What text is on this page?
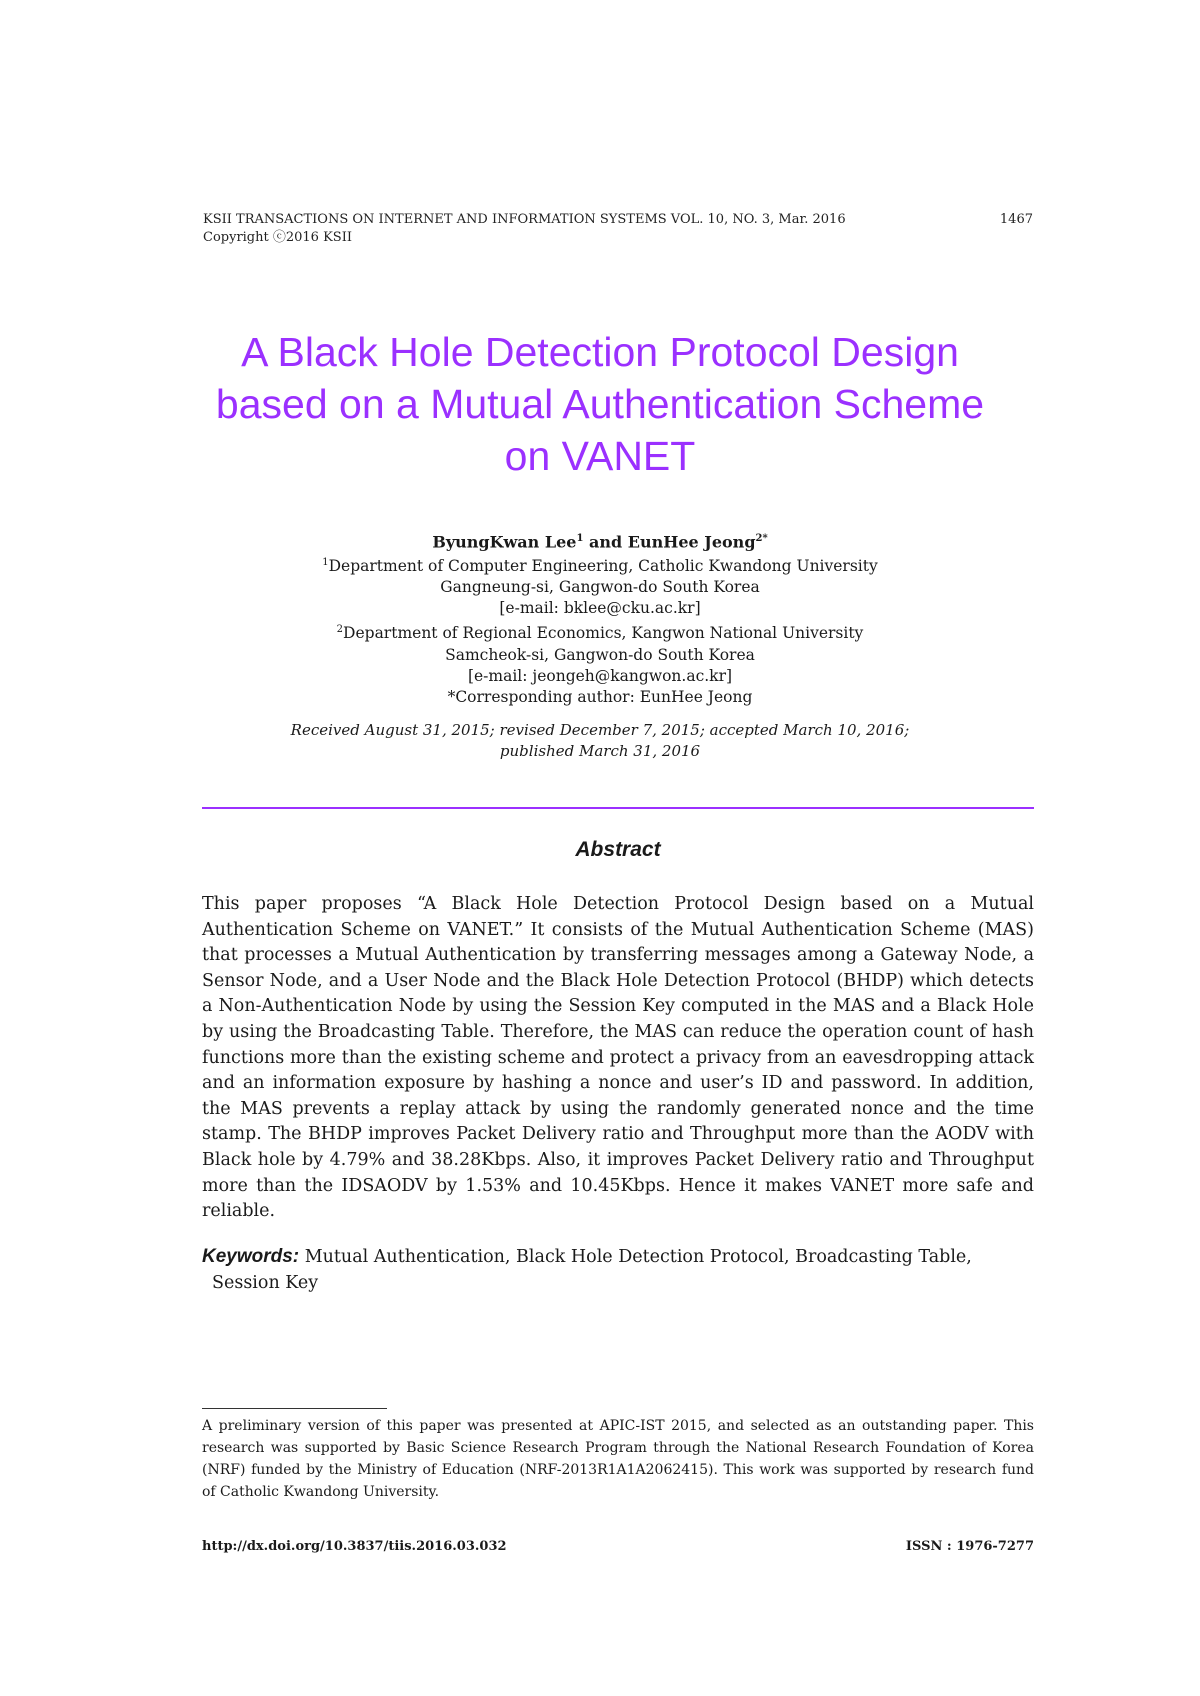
KSII TRANSACTIONS ON INTERNET AND INFORMATION SYSTEMS VOL. 10, NO. 3, Mar. 2016
Copyright ⓒ2016 KSII
1467
A Black Hole Detection Protocol Design
based on a Mutual Authentication Scheme
on VANET
ByungKwan Lee$^1$ and EunHee Jeong$^{2*}$
$^1$Department of Computer Engineering, Catholic Kwandong University
Gangneung-si, Gangwon-do South Korea
[e-mail: bklee@cku.ac.kr]
$^2$Department of Regional Economics, Kangwon National University
Samcheok-si, Gangwon-do South Korea
[e-mail: jeongeh@kangwon.ac.kr]
*Corresponding author: EunHee Jeong
Received August 31, 2015; revised December 7, 2015; accepted March 10, 2016;
published March 31, 2016
Abstract

This paper proposes “A Black Hole Detection Protocol Design based on a Mutual Authentication Scheme on VANET.” It consists of the Mutual Authentication Scheme (MAS) that processes a Mutual Authentication by transferring messages among a Gateway Node, a Sensor Node, and a User Node and the Black Hole Detection Protocol (BHDP) which detects a Non-Authentication Node by using the Session Key computed in the MAS and a Black Hole by using the Broadcasting Table. Therefore, the MAS can reduce the operation count of hash functions more than the existing scheme and protect a privacy from an eavesdropping attack and an information exposure by hashing a nonce and user’s ID and password. In addition, the MAS prevents a replay attack by using the randomly generated nonce and the time stamp. The BHDP improves Packet Delivery ratio and Throughput more than the AODV with Black hole by 4.79% and 38.28Kbps. Also, it improves Packet Delivery ratio and Throughput more than the IDSAODV by 1.53% and 10.45Kbps. Hence it makes VANET more safe and reliable.

Keywords: Mutual Authentication, Black Hole Detection Protocol, Broadcasting Table,
Session Key

A preliminary version of this paper was presented at APIC-IST 2015, and selected as an outstanding paper. This research was supported by Basic Science Research Program through the National Research Foundation of Korea (NRF) funded by the Ministry of Education (NRF-2013R1A1A2062415). This work was supported by research fund of Catholic Kwandong University.

http://dx.doi.org/10.3837/tiis.2016.03.032	ISSN : 1976-7277
